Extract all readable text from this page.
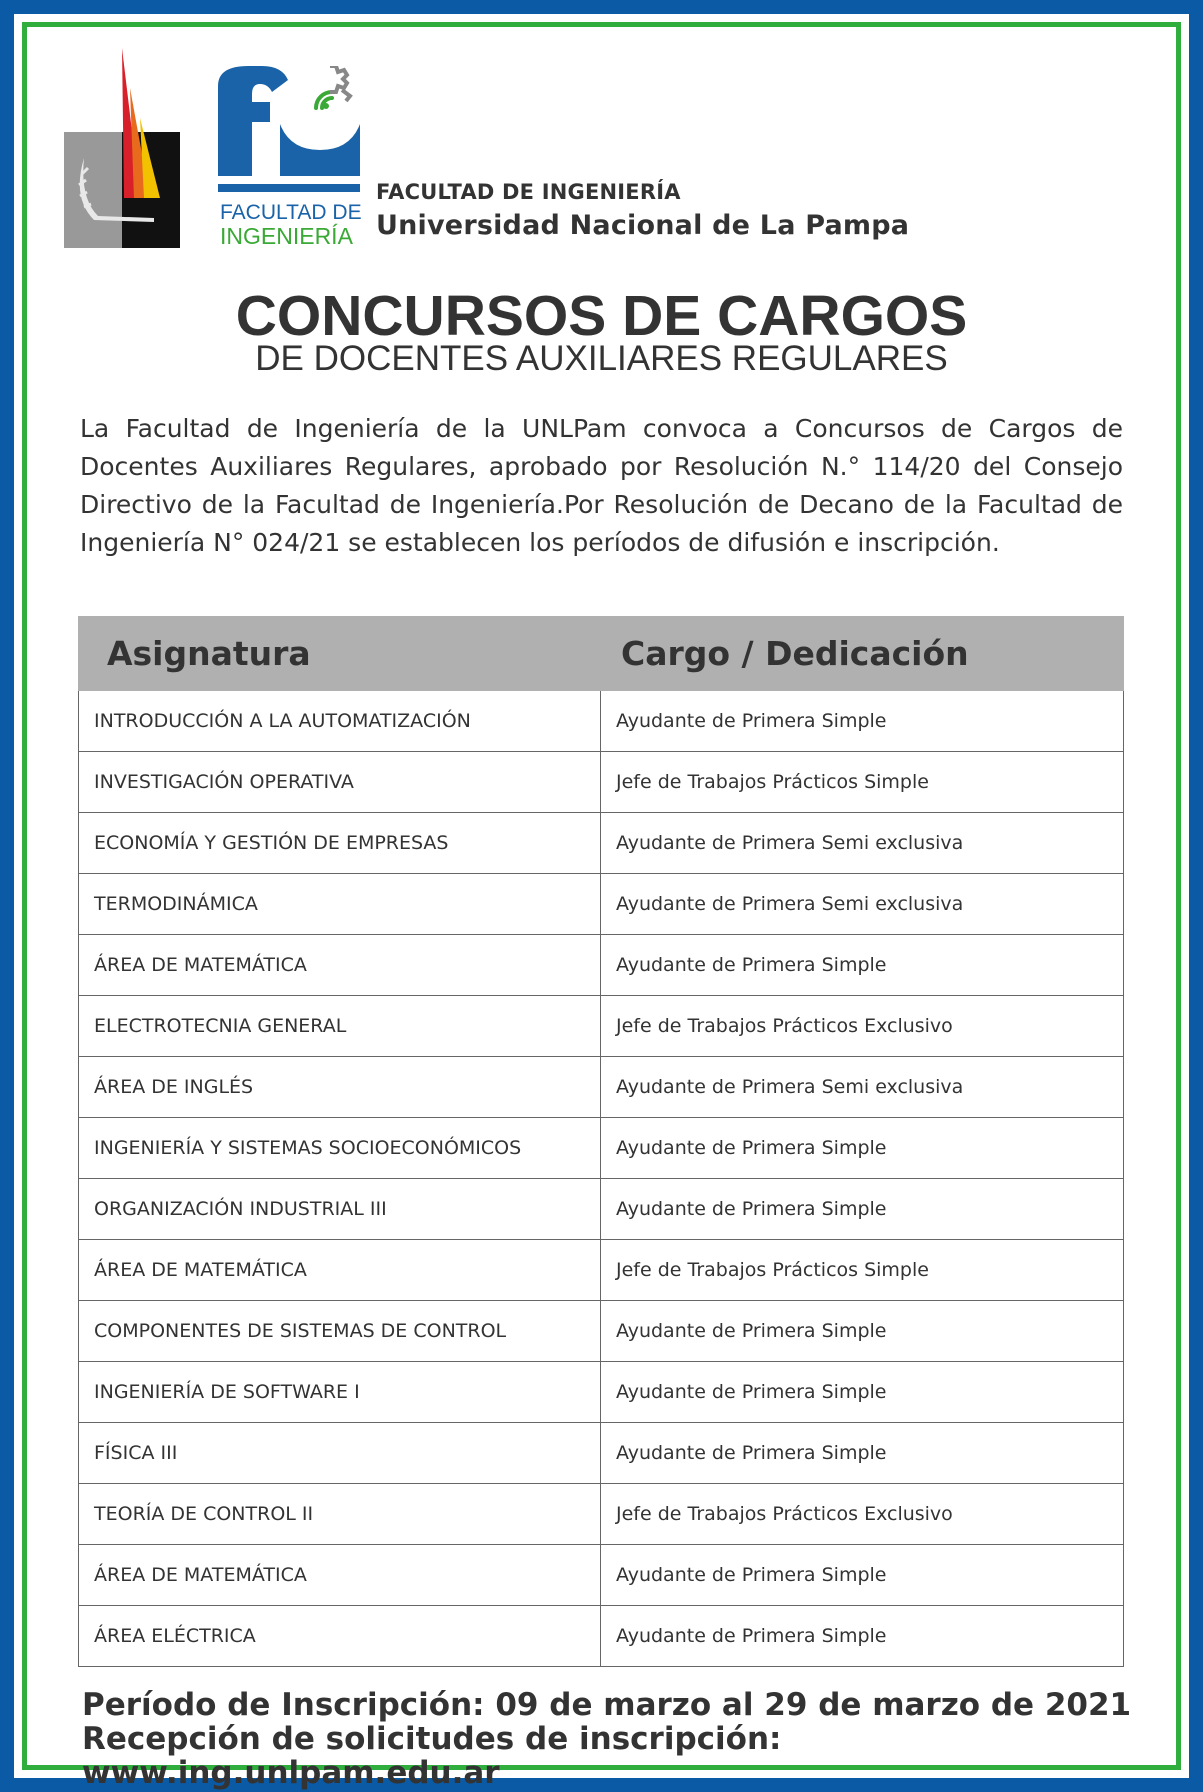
FACULTAD DE
INGENIERÍA
FACULTAD DE INGENIERÍA
Universidad Nacional de La Pampa
CONCURSOS DE CARGOS
DE DOCENTES AUXILIARES REGULARES
La Facultad de Ingeniería de la UNLPam convoca a Concursos de Cargos de Docentes Auxiliares Regulares, aprobado por Resolución N.° 114/20 del Consejo Directivo de la Facultad de Ingeniería.Por Resolución de Decano de la Facultad de Ingeniería N° 024/21 se establecen los períodos de difusión e inscripción.
Asignatura	Cargo / Dedicación
INTRODUCCIÓN A LA AUTOMATIZACIÓN	Ayudante de Primera Simple
INVESTIGACIÓN OPERATIVA	Jefe de Trabajos Prácticos Simple
ECONOMÍA Y GESTIÓN DE EMPRESAS	Ayudante de Primera Semi exclusiva
TERMODINÁMICA	Ayudante de Primera Semi exclusiva
ÁREA DE MATEMÁTICA	Ayudante de Primera Simple
ELECTROTECNIA GENERAL	Jefe de Trabajos Prácticos Exclusivo
ÁREA DE INGLÉS	Ayudante de Primera Semi exclusiva
INGENIERÍA Y SISTEMAS SOCIOECONÓMICOS	Ayudante de Primera Simple
ORGANIZACIÓN INDUSTRIAL III	Ayudante de Primera Simple
ÁREA DE MATEMÁTICA	Jefe de Trabajos Prácticos Simple
COMPONENTES DE SISTEMAS DE CONTROL	Ayudante de Primera Simple
INGENIERÍA DE SOFTWARE I	Ayudante de Primera Simple
FÍSICA III	Ayudante de Primera Simple
TEORÍA DE CONTROL II	Jefe de Trabajos Prácticos Exclusivo
ÁREA DE MATEMÁTICA	Ayudante de Primera Simple
ÁREA ELÉCTRICA	Ayudante de Primera Simple
Período de Inscripción: 09 de marzo al 29 de marzo de 2021
Recepción de solicitudes de inscripción: www.ing.unlpam.edu.ar
